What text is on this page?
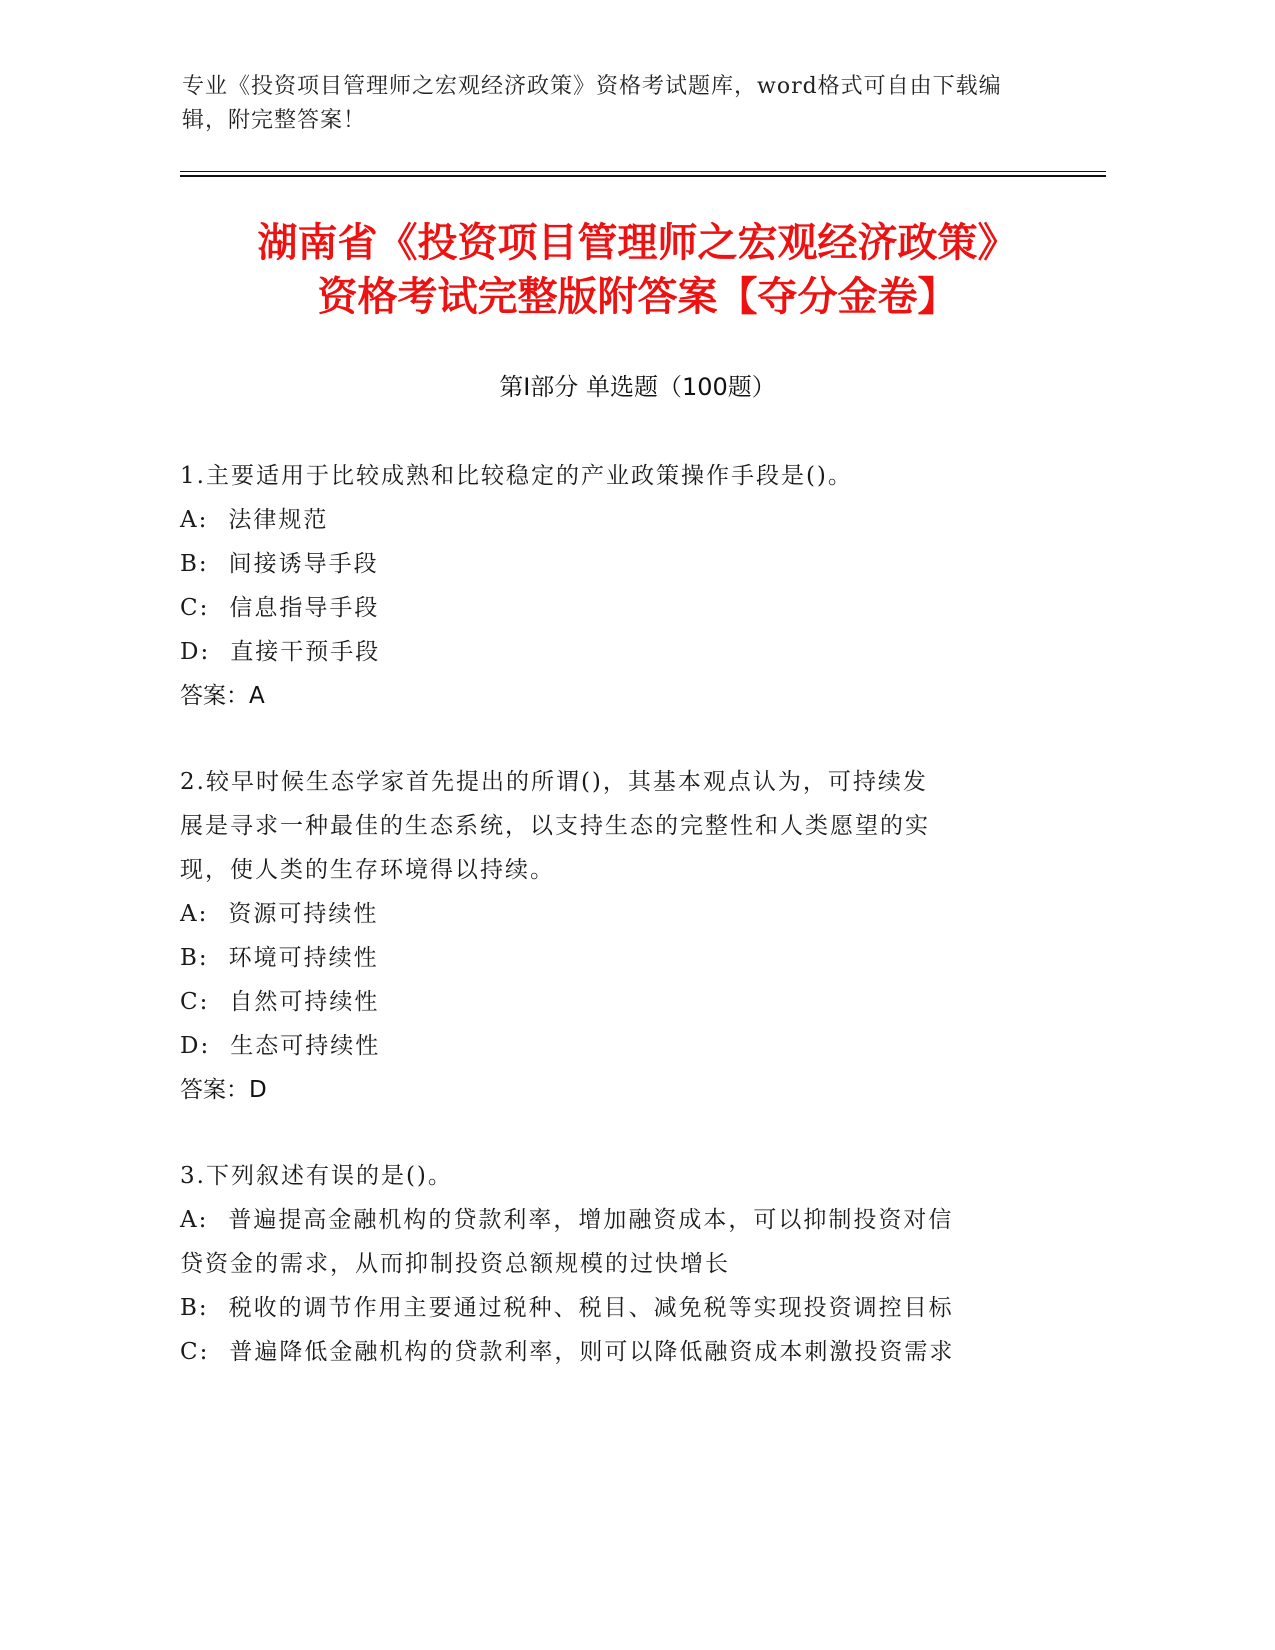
专业《投资项目管理师之宏观经济政策》资格考试题库，word格式可自由下载编
辑，附完整答案！
湖南省《投资项目管理师之宏观经济政策》
资格考试完整版附答案【夺分金卷】
第Ⅰ部分 单选题（100题）

1.主要适用于比较成熟和比较稳定的产业政策操作手段是()。

A: 法律规范

B: 间接诱导手段

C: 信息指导手段

D: 直接干预手段

答案：A

2.较早时候生态学家首先提出的所谓()，其基本观点认为，可持续发

展是寻求一种最佳的生态系统，以支持生态的完整性和人类愿望的实

现，使人类的生存环境得以持续。

A: 资源可持续性

B: 环境可持续性

C: 自然可持续性

D: 生态可持续性

答案：D

3.下列叙述有误的是()。

A: 普遍提高金融机构的贷款利率，增加融资成本，可以抑制投资对信

贷资金的需求，从而抑制投资总额规模的过快增长

B: 税收的调节作用主要通过税种、税目、减免税等实现投资调控目标

C: 普遍降低金融机构的贷款利率，则可以降低融资成本刺激投资需求
